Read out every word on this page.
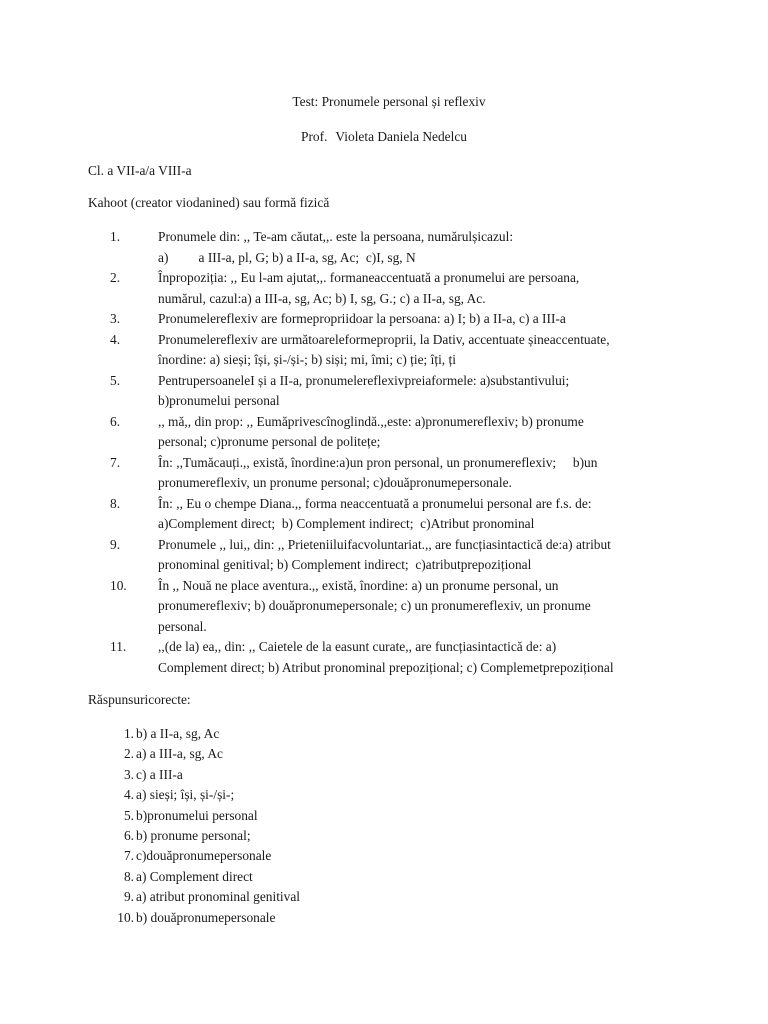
Test: Pronumele personal și reflexiv
Prof. Violeta Daniela Nedelcu
Cl. a VII-a/a VIII-a
Kahoot (creator viodanined) sau formă fizică
1.	Pronumele din: ,, Te-am căutat,,. este la persoana, numărulșicazul:
a)         a III-a, pl, G; b) a II-a, sg, Ac;  c)I, sg, N
2.	Înpropoziția: ,, Eu l-am ajutat,,. formaneaccentuată a pronumelui are persoana,
numărul, cazul:a) a III-a, sg, Ac; b) I, sg, G.; c) a II-a, sg, Ac.
3.	Pronumelereflexiv are formepropriidoar la persoana: a) I; b) a II-a, c) a III-a
4.	Pronumelereflexiv are următoareleformeproprii, la Dativ, accentuate șineaccentuate,
înordine: a) sieși; își, și-/și-; b) siși; mi, îmi; c) ție; îți, ți
5.	PentrupersoaneleI și a II-a, pronumelereflexivpreiaformele: a)substantivului;
b)pronumelui personal
6.	,, mă,, din prop: ,, Eumăprivescînoglindă.,,este: a)pronumereflexiv; b) pronume
personal; c)pronume personal de politețe;
7.	În: ,,Tumăcauți.,, există, înordine:a)un pron personal, un pronumereflexiv;     b)un
pronumereflexiv, un pronume personal; c)douăpronumepersonale.
8.	În: ,, Eu o chempe Diana.,, forma neaccentuată a pronumelui personal are f.s. de:
a)Complement direct;  b) Complement indirect;  c)Atribut pronominal
9.	Pronumele ,, lui,, din: ,, Prieteniiluifacvoluntariat.,, are funcțiasintactică de:a) atribut
pronominal genitival; b) Complement indirect;  c)atributprepozițional
10.	În ,, Nouă ne place aventura.,, există, înordine: a) un pronume personal, un
pronumereflexiv; b) douăpronumepersonale; c) un pronumereflexiv, un pronume
personal.
11.	,,(de la) ea,, din: ,, Caietele de la easunt curate,, are funcțiasintactică de: a)
Complement direct; b) Atribut pronominal prepozițional; c) Complemetprepozițional
Răspunsuricorecte:
1. b) a II-a, sg, Ac
2. a) a III-a, sg, Ac
3. c) a III-a
4. a) sieși; își, și-/și-;
5. b)pronumelui personal
6. b) pronume personal;
7. c)douăpronumepersonale
8. a) Complement direct
9. a) atribut pronominal genitival
10. b) douăpronumepersonale
